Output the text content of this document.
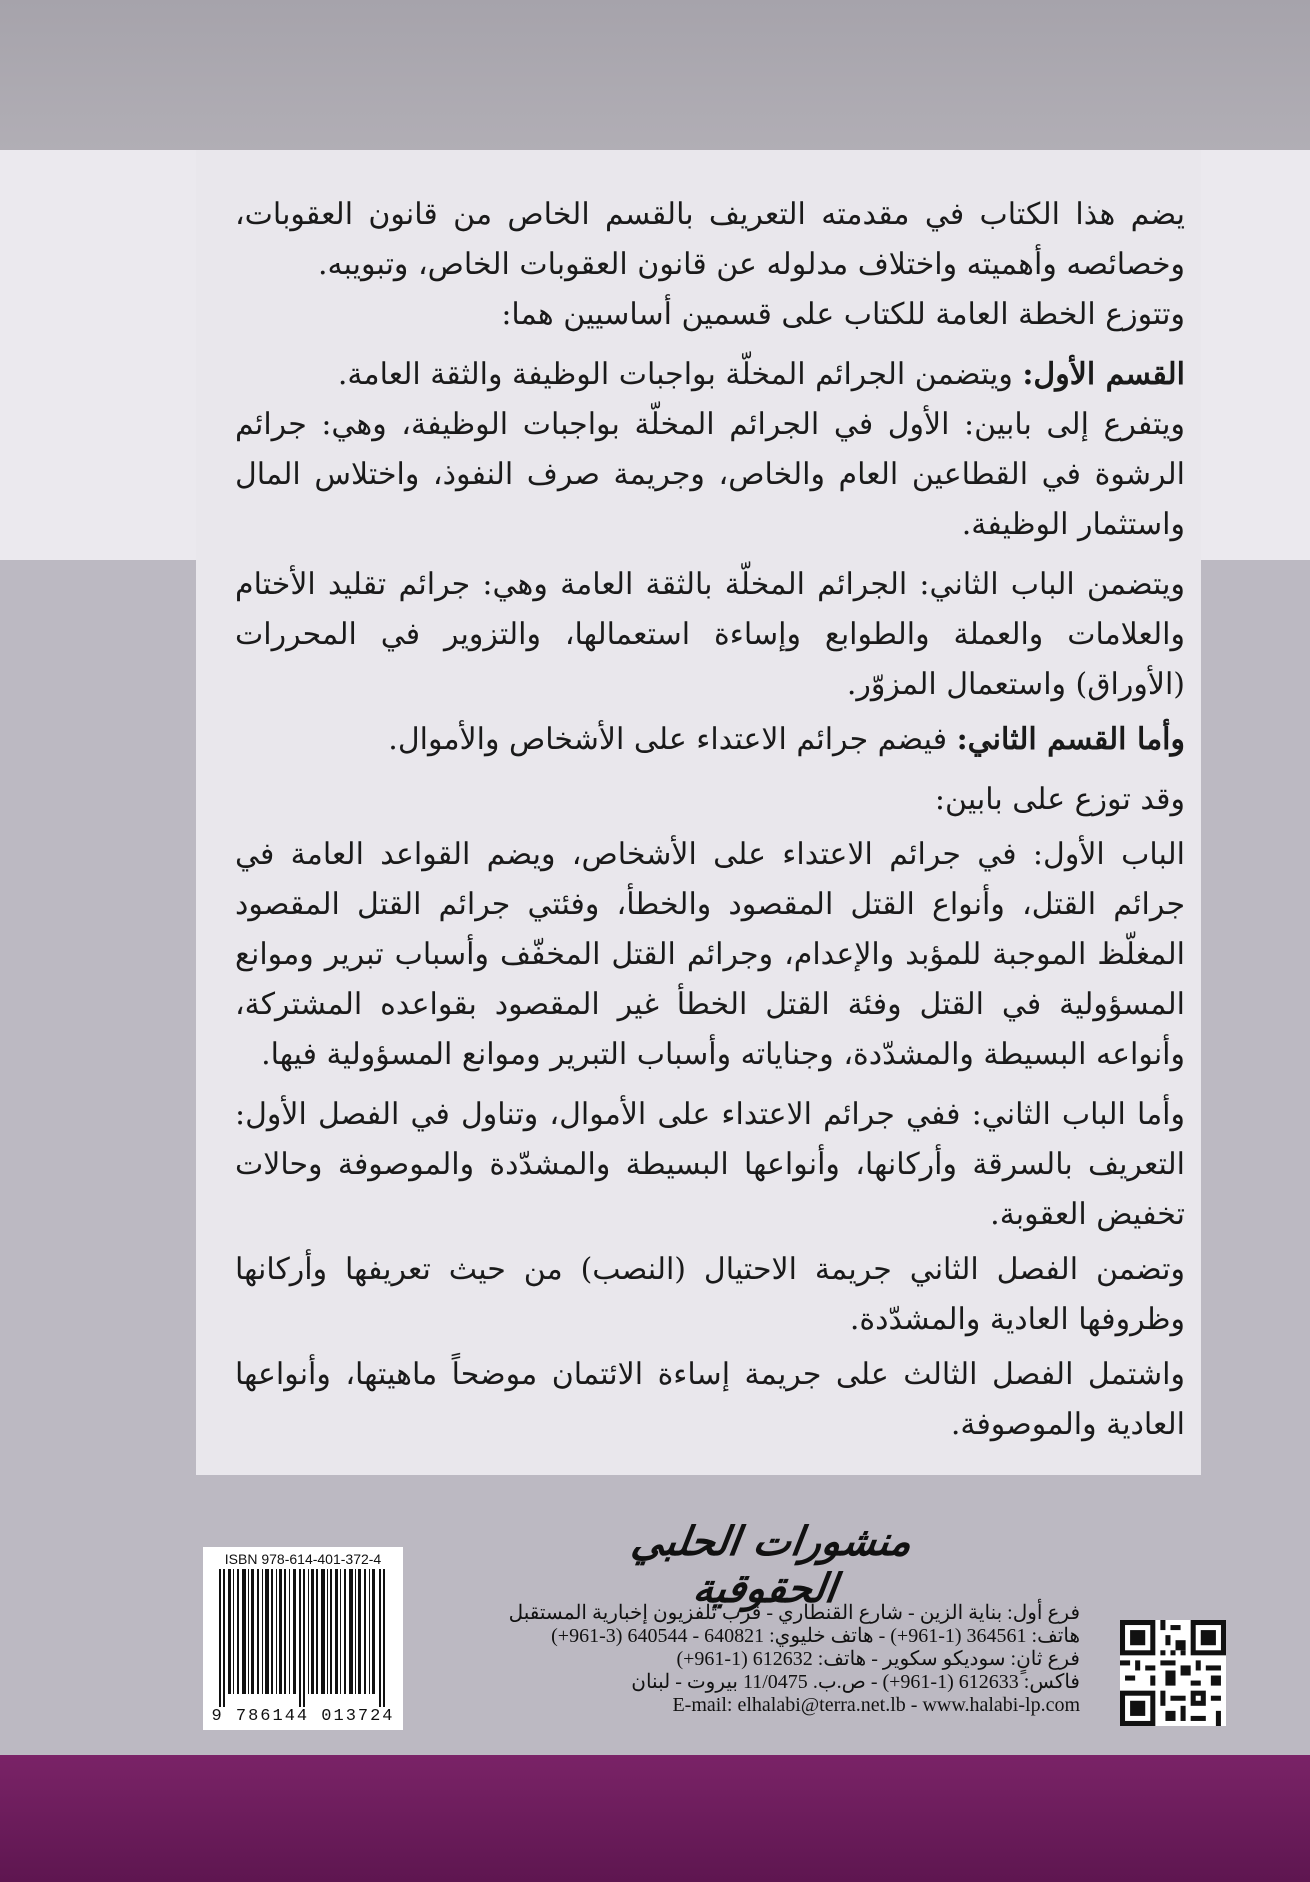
يضم هذا الكتاب في مقدمته التعريف بالقسم الخاص من قانون العقوبات، وخصائصه وأهميته واختلاف مدلوله عن قانون العقوبات الخاص، وتبويبه.

وتتوزع الخطة العامة للكتاب على قسمين أساسيين هما:

القسم الأول: ويتضمن الجرائم المخلّة بواجبات الوظيفة والثقة العامة.

ويتفرع إلى بابين: الأول في الجرائم المخلّة بواجبات الوظيفة، وهي: جرائم الرشوة في القطاعين العام والخاص، وجريمة صرف النفوذ، واختلاس المال واستثمار الوظيفة.

ويتضمن الباب الثاني: الجرائم المخلّة بالثقة العامة وهي: جرائم تقليد الأختام والعلامات والعملة والطوابع وإساءة استعمالها، والتزوير في المحررات (الأوراق) واستعمال المزوّر.

وأما القسم الثاني: فيضم جرائم الاعتداء على الأشخاص والأموال.

وقد توزع على بابين:

الباب الأول: في جرائم الاعتداء على الأشخاص، ويضم القواعد العامة في جرائم القتل، وأنواع القتل المقصود والخطأ، وفئتي جرائم القتل المقصود المغلّظ الموجبة للمؤبد والإعدام، وجرائم القتل المخفّف وأسباب تبرير وموانع المسؤولية في القتل وفئة القتل الخطأ غير المقصود بقواعده المشتركة، وأنواعه البسيطة والمشدّدة، وجناياته وأسباب التبرير وموانع المسؤولية فيها.

وأما الباب الثاني: ففي جرائم الاعتداء على الأموال، وتناول في الفصل الأول: التعريف بالسرقة وأركانها، وأنواعها البسيطة والمشدّدة والموصوفة وحالات تخفيض العقوبة.

وتضمن الفصل الثاني جريمة الاحتيال (النصب) من حيث تعريفها وأركانها وظروفها العادية والمشدّدة.

واشتمل الفصل الثالث على جريمة إساءة الائتمان موضحاً ماهيتها، وأنواعها العادية والموصوفة.

منشورات الحلبي الحقوقية
فرع أول: بناية الزين - شارع القنطاري - قرب تلفزيون إخبارية المستقبل
هاتف: 364561 (1-961+) - هاتف خليوي: 640821 - 640544 (3-961+)
فرع ثانٍ: سوديكو سكوير - هاتف: 612632 (1-961+)
فاكس: 612633 (1-961+) - ص.ب. 11/0475 بيروت - لبنان
E-mail: elhalabi@terra.net.lb - www.halabi-lp.com
ISBN 978-614-401-372-4
9 786144 013724
